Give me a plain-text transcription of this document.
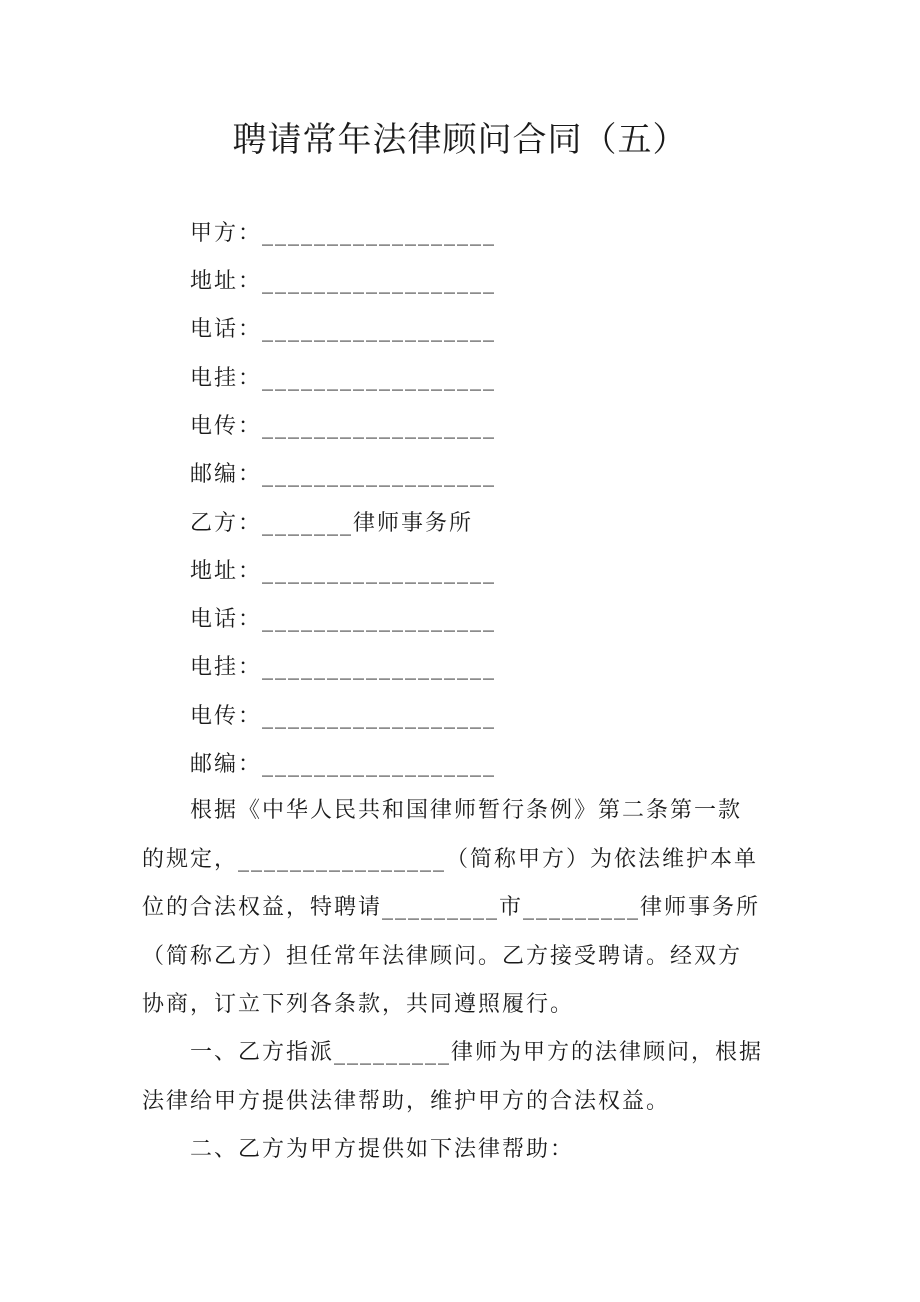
聘请常年法律顾问合同（五）
甲方：__________________
地址：__________________
电话：__________________
电挂：__________________
电传：__________________
邮编：__________________
乙方：_______律师事务所
地址：__________________
电话：__________________
电挂：__________________
电传：__________________
邮编：__________________
根据《中华人民共和国律师暂行条例》第二条第一款
的规定，________________（简称甲方）为依法维护本单
位的合法权益，特聘请_________市_________律师事务所
（简称乙方）担任常年法律顾问。乙方接受聘请。经双方
协商，订立下列各条款，共同遵照履行。
一、乙方指派_________律师为甲方的法律顾问，根据
法律给甲方提供法律帮助，维护甲方的合法权益。
二、乙方为甲方提供如下法律帮助：
